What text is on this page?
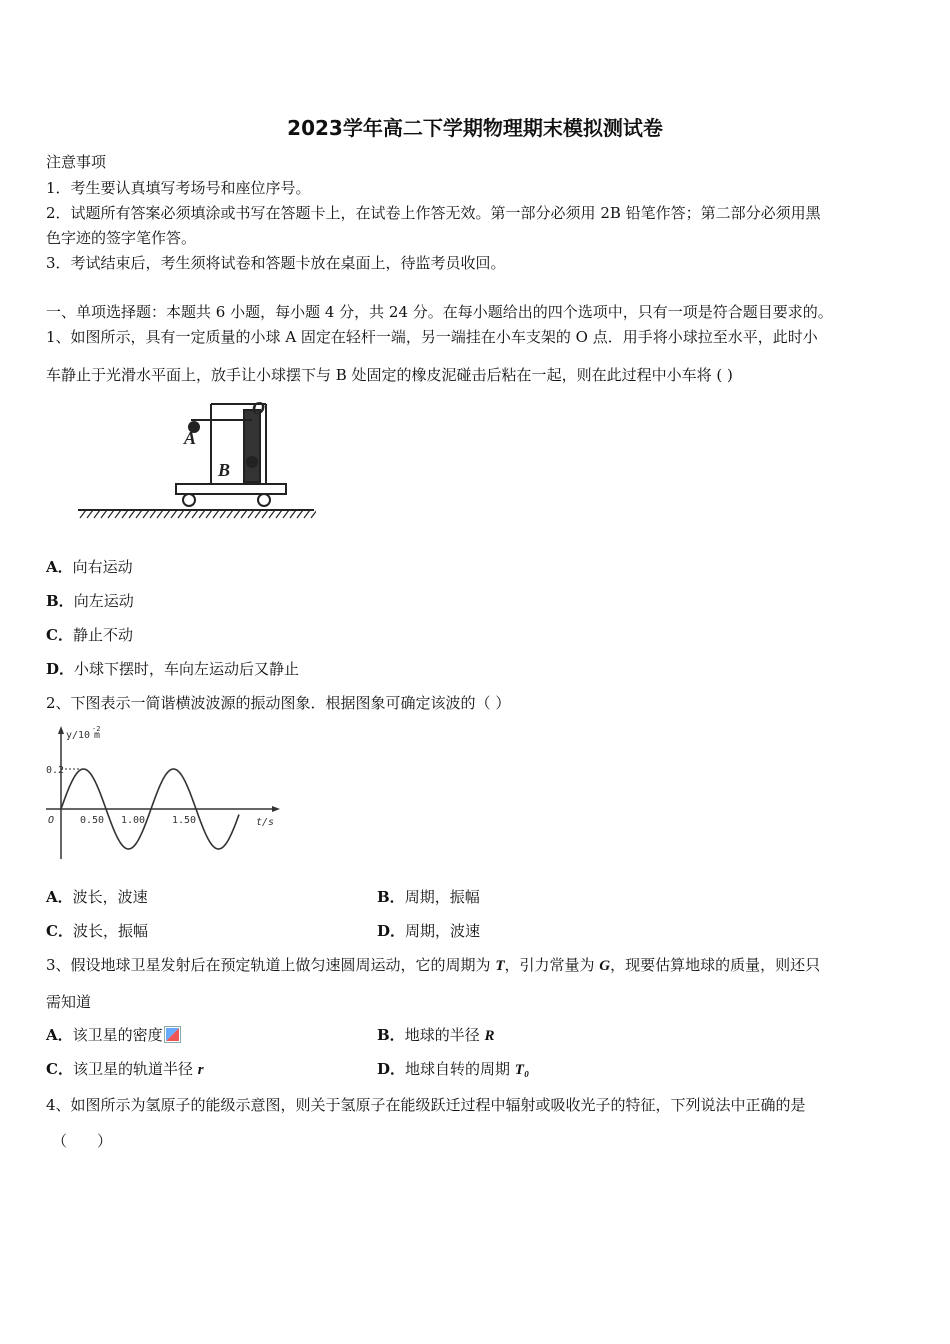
2023学年高二下学期物理期末模拟测试卷
注意事项
1．考生要认真填写考场号和座位序号。
2．试题所有答案必须填涂或书写在答题卡上，在试卷上作答无效。第一部分必须用 2B 铅笔作答；第二部分必须用黑
色字迹的签字笔作答。
3．考试结束后，考生须将试卷和答题卡放在桌面上，待监考员收回。
一、单项选择题：本题共 6 小题，每小题 4 分，共 24 分。在每小题给出的四个选项中，只有一项是符合题目要求的。
1、如图所示，具有一定质量的小球 A 固定在轻杆一端，另一端挂在小车支架的 O 点．用手将小球拉至水平，此时小
车静止于光滑水平面上，放手让小球摆下与 B 处固定的橡皮泥碰击后粘在一起，则在此过程中小车将 ( )
O
A
B
A．向右运动
B．向左运动
C．静止不动
D．小球下摆时，车向左运动后又静止
2、下图表示一简谐横波波源的振动图象．根据图象可确定该波的（ ）
y/10
-2
m
0.2
O	0.50 1.00	1.50	t/s
A．波长，波速	B．周期，振幅
C．波长，振幅	D．周期，波速
3、假设地球卫星发射后在预定轨道上做匀速圆周运动，它的周期为 T，引力常量为 G，现要估算地球的质量，则还只
需知道
A．该卫星的密度	B．地球的半径 R
C．该卫星的轨道半径 r	D．地球自转的周期 T₀
4、如图所示为氢原子的能级示意图，则关于氢原子在能级跃迁过程中辐射或吸收光子的特征，下列说法中正确的是
（　　）
